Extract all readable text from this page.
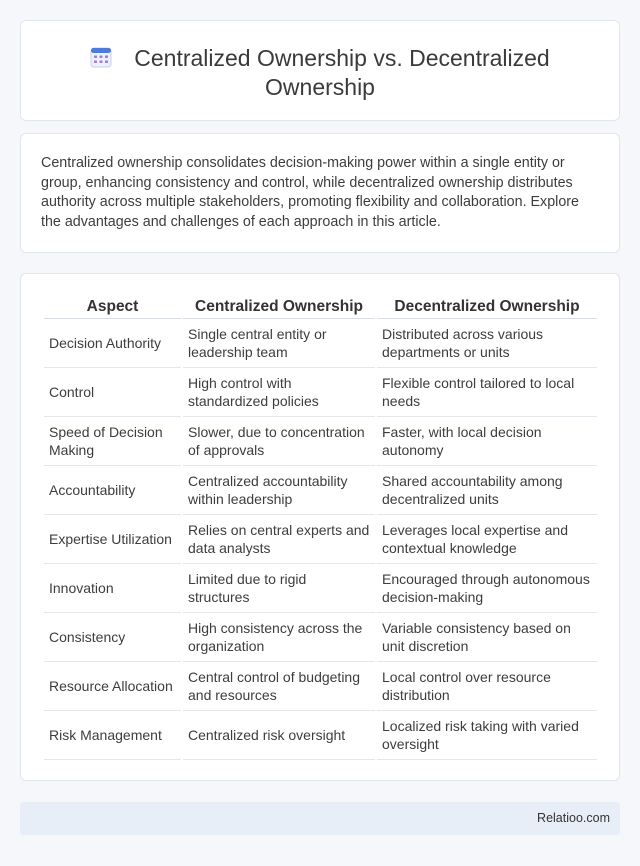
Centralized Ownership vs. Decentralized Ownership

Centralized ownership consolidates decision-making power within a single entity or group, enhancing consistency and control, while decentralized ownership distributes authority across multiple stakeholders, promoting flexibility and collaboration. Explore the advantages and challenges of each approach in this article.

Aspect	Centralized Ownership	Decentralized Ownership
Decision Authority	Single central entity or leadership team	Distributed across various departments or units
Control	High control with standardized policies	Flexible control tailored to local needs
Speed of Decision Making	Slower, due to concentration of approvals	Faster, with local decision autonomy
Accountability	Centralized accountability within leadership	Shared accountability among decentralized units
Expertise Utilization	Relies on central experts and data analysts	Leverages local expertise and contextual knowledge
Innovation	Limited due to rigid structures	Encouraged through autonomous decision-making
Consistency	High consistency across the organization	Variable consistency based on unit discretion
Resource Allocation	Central control of budgeting and resources	Local control over resource distribution
Risk Management	Centralized risk oversight	Localized risk taking with varied oversight
Relatioo.com
